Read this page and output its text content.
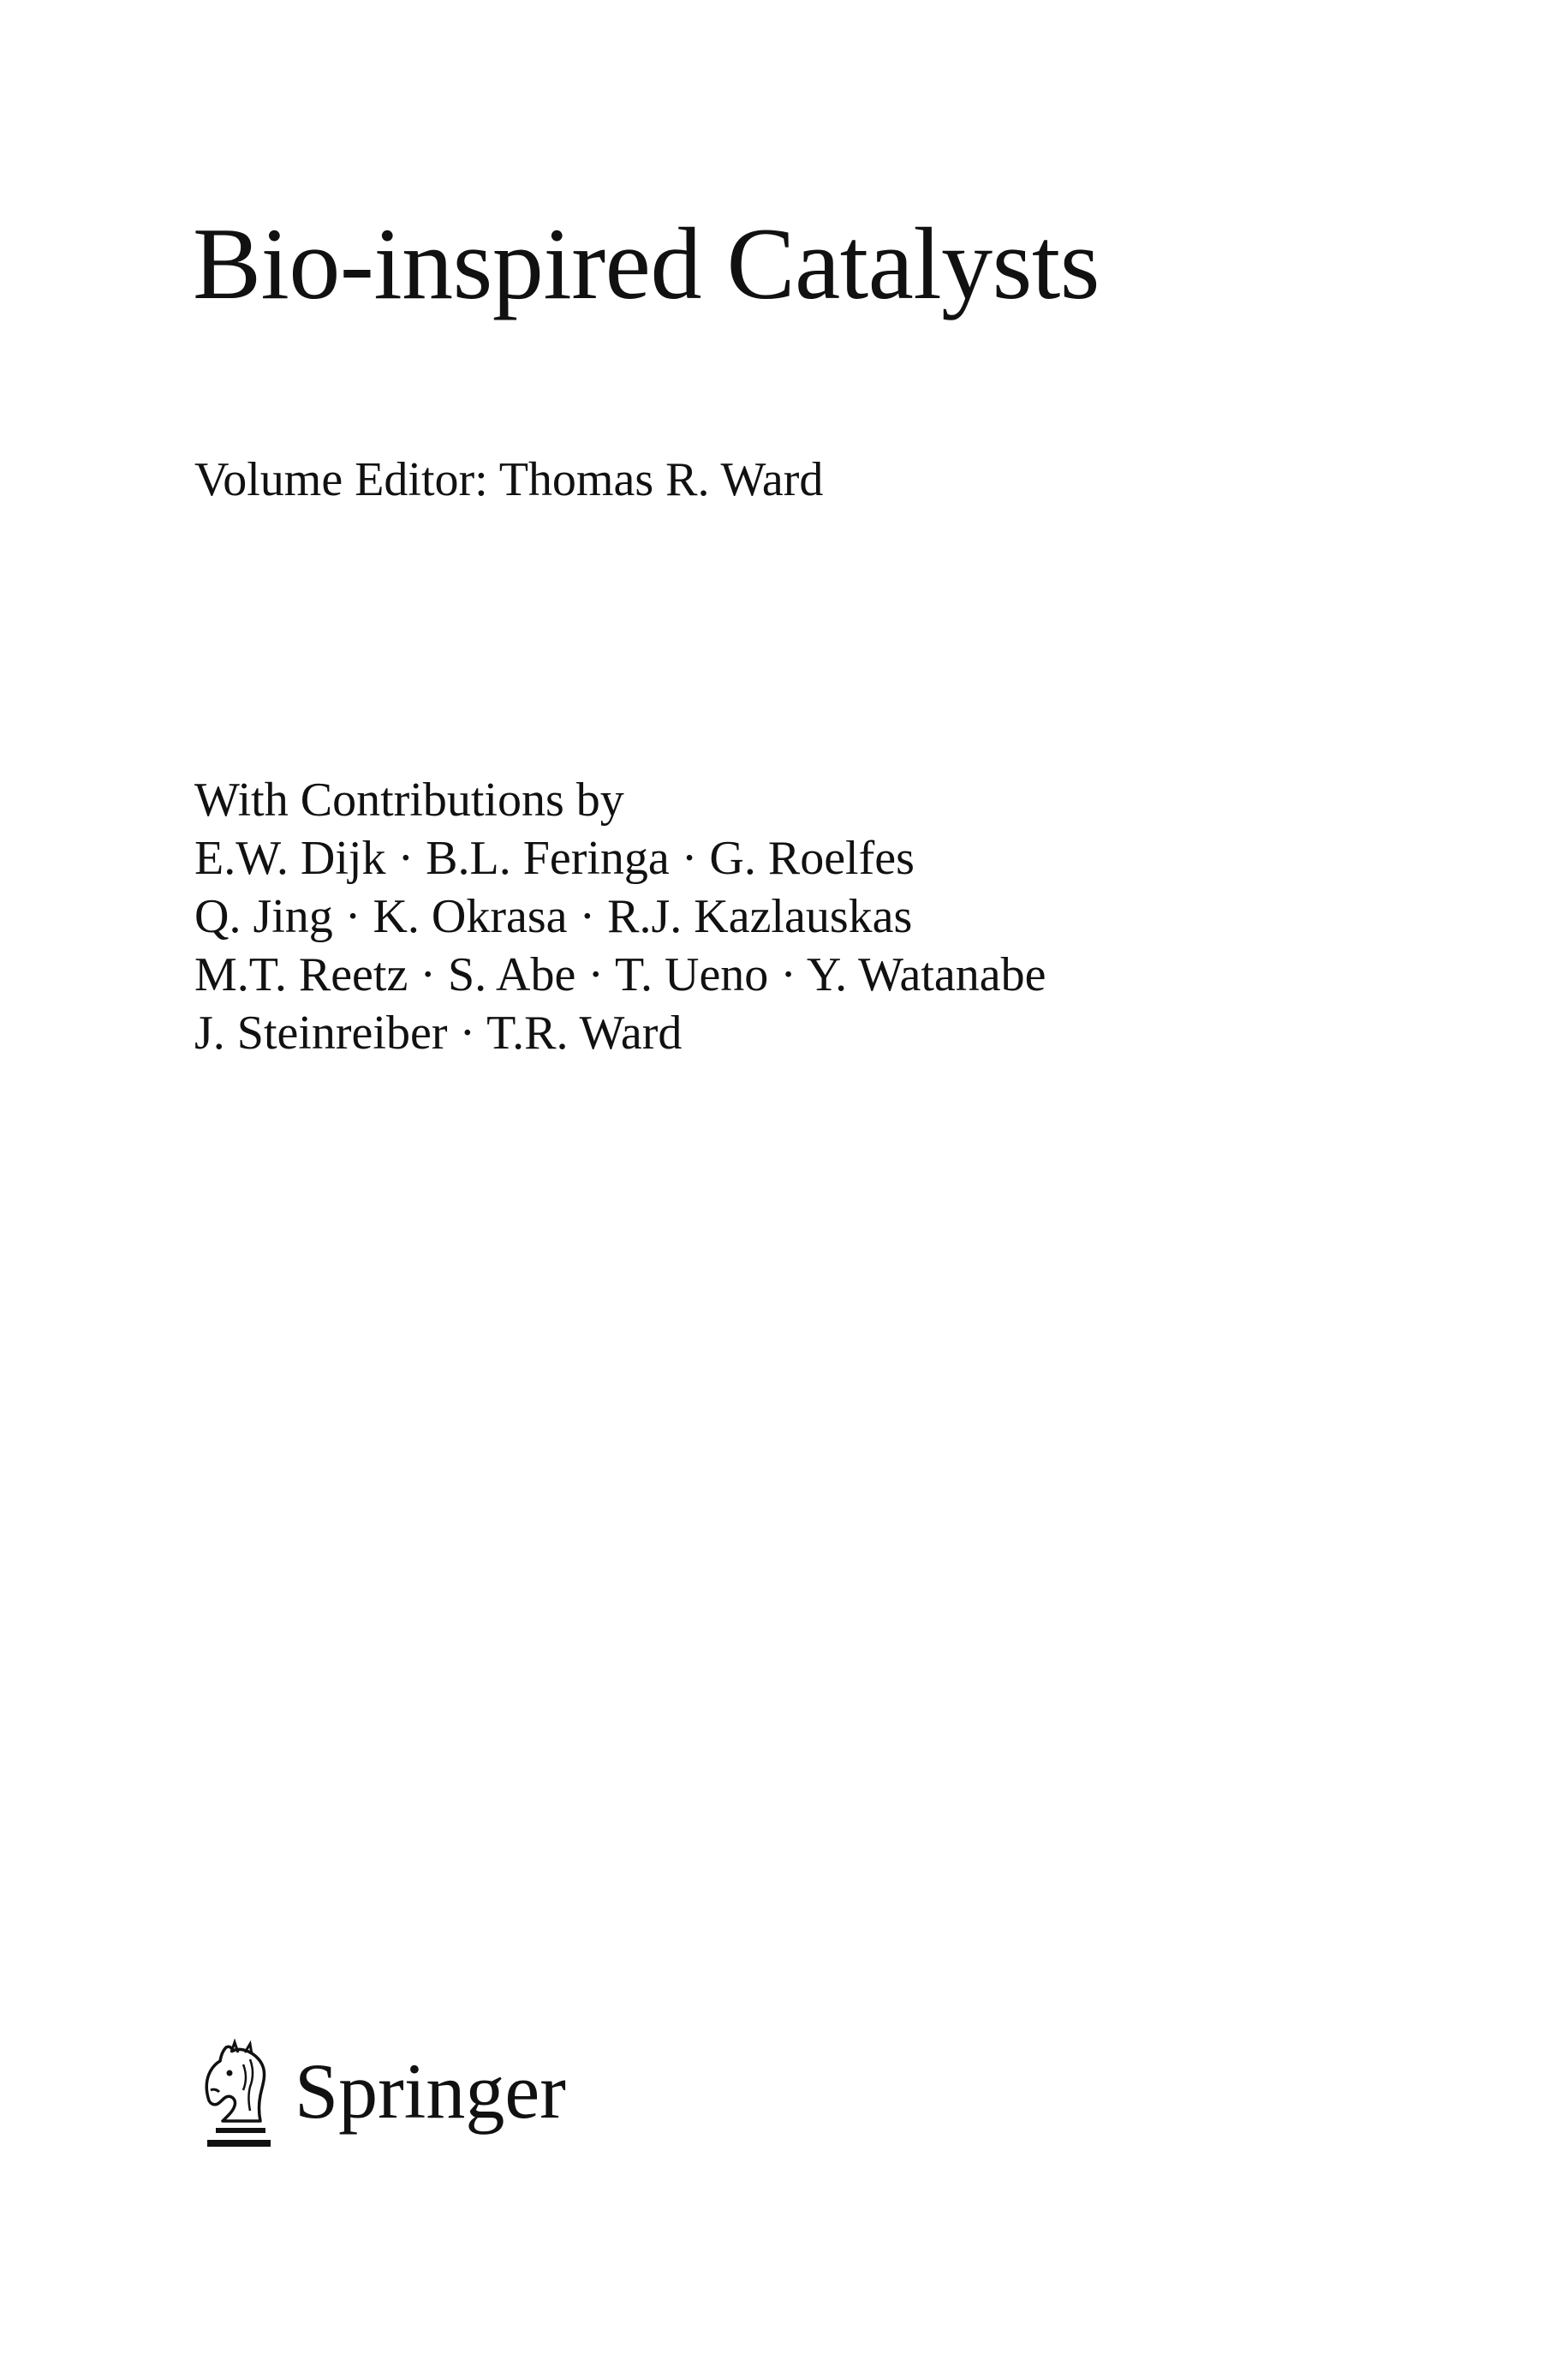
Bio-inspired Catalysts
Volume Editor: Thomas R. Ward
With Contributions by
E.W. Dijk · B.L. Feringa · G. Roelfes
Q. Jing · K. Okrasa · R.J. Kazlauskas
M.T. Reetz · S. Abe · T. Ueno · Y. Watanabe
J. Steinreiber · T.R. Ward
Springer
